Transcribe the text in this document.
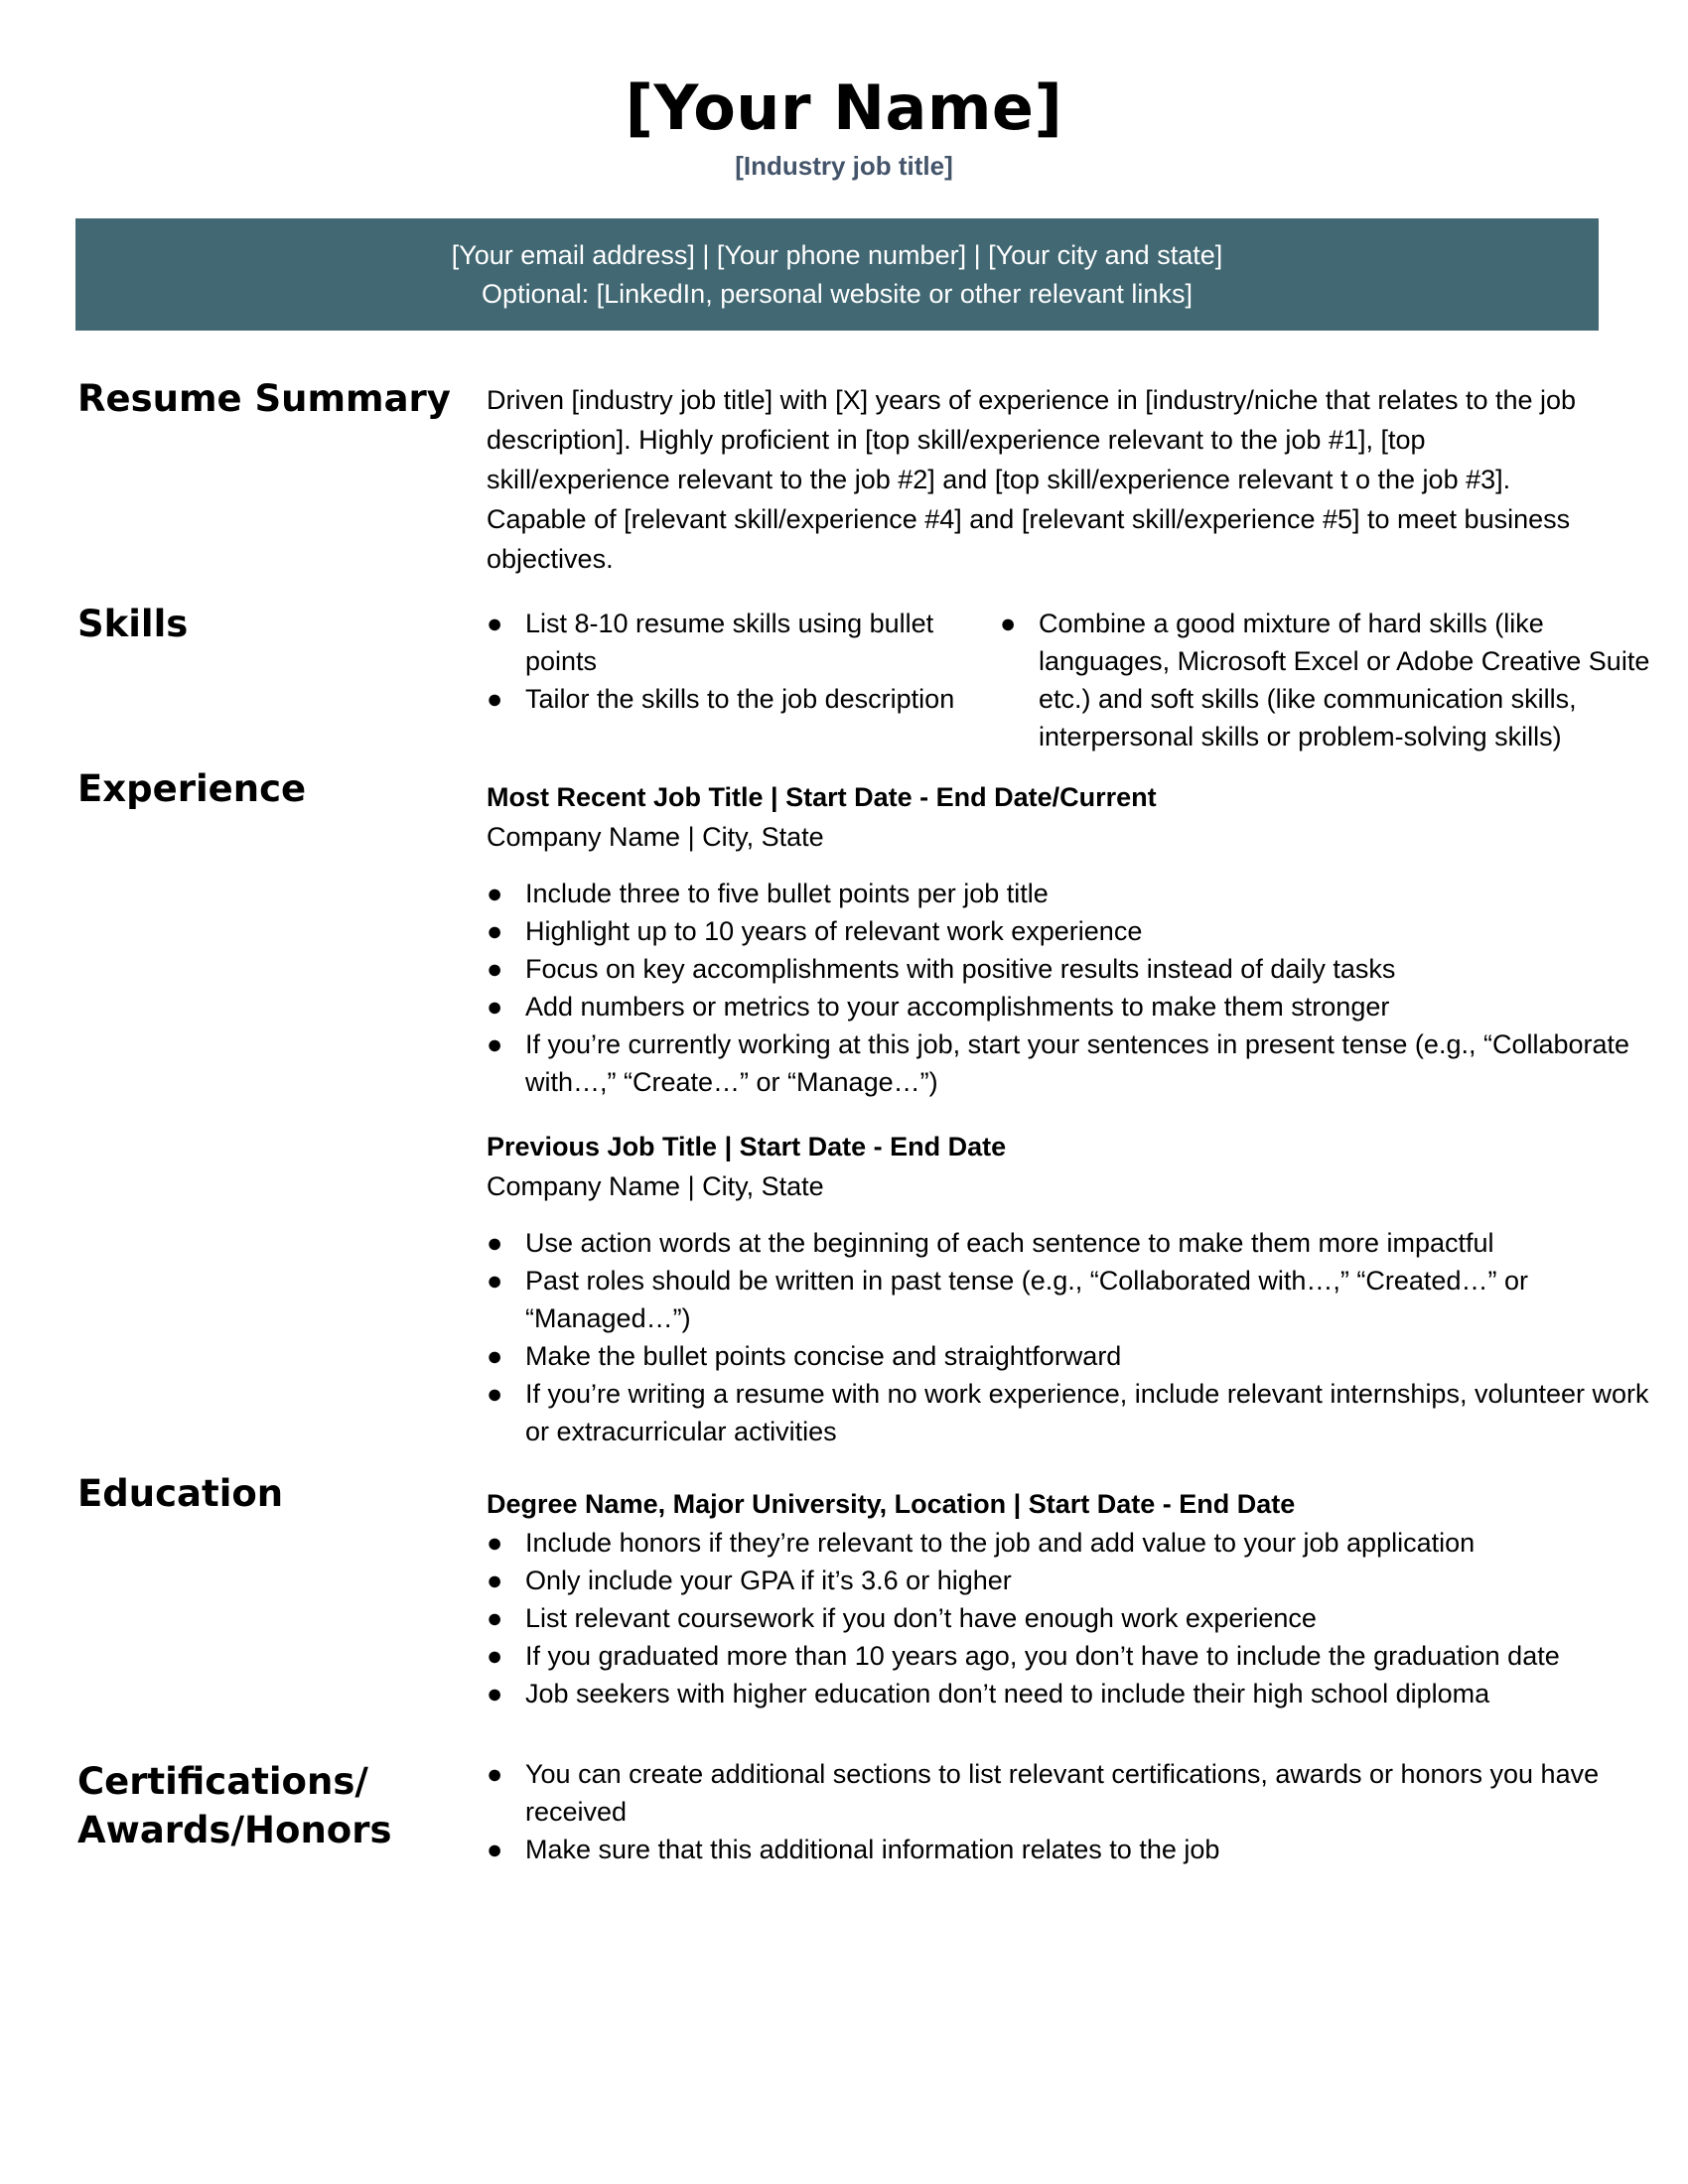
[Your Name]
[Industry job title]
[Your email address] | [Your phone number] | [Your city and state]
Optional: [LinkedIn, personal website or other relevant links]
Resume Summary Driven [industry job title] with [X] years of experience in [industry/niche that relates to the job description]. Highly proficient in [top skill/experience relevant to the job #1], [top skill/experience relevant to the job #2] and [top skill/experience relevant t o the job #3]. Capable of [relevant skill/experience #4] and [relevant skill/experience #5] to meet business objectives.
Skills	● List 8-10 resume skills using bullet points
● Tailor the skills to the job description
● Combine a good mixture of hard skills (like languages, Microsoft Excel or Adobe Creative Suite etc.) and soft skills (like communication skills, interpersonal skills or problem-solving skills)
Experience	Most Recent Job Title | Start Date - End Date/Current
Company Name | City, State
● Include three to five bullet points per job title
● Highlight up to 10 years of relevant work experience
● Focus on key accomplishments with positive results instead of daily tasks
● Add numbers or metrics to your accomplishments to make them stronger
● If you’re currently working at this job, start your sentences in present tense (e.g., “Collaborate with…,” “Create…” or “Manage…”)
Previous Job Title | Start Date - End Date
Company Name | City, State
● Use action words at the beginning of each sentence to make them more impactful
● Past roles should be written in past tense (e.g., “Collaborated with…,” “Created…” or “Managed…”)
● Make the bullet points concise and straightforward
● If you’re writing a resume with no work experience, include relevant internships, volunteer work or extracurricular activities
Education	Degree Name, Major University, Location | Start Date - End Date
● Include honors if they’re relevant to the job and add value to your job application
● Only include your GPA if it’s 3.6 or higher
● List relevant coursework if you don’t have enough work experience
● If you graduated more than 10 years ago, you don’t have to include the graduation date
● Job seekers with higher education don’t need to include their high school diploma
Certifications/
Awards/Honors
● You can create additional sections to list relevant certifications, awards or honors you have received
● Make sure that this additional information relates to the job
